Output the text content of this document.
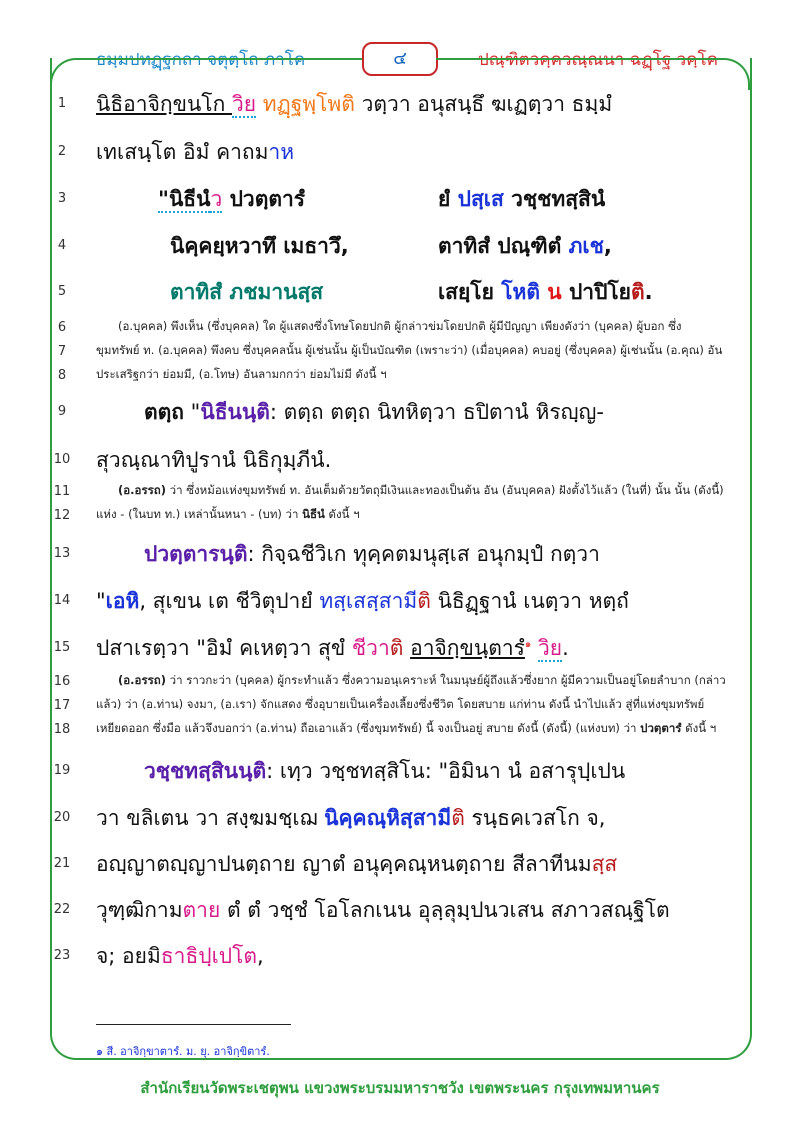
ธมฺมปทฏฺฐกถา จตุตฺโถ ภาโค	๔	ปณฺฑิตวคฺควณฺณนา ฉฏฺโฐ วคฺโค
1	นิธิอาจิกฺขนโก วิย ทฏฺฐพฺโพติ วตฺวา อนุสนฺธึ ฆเฏตฺวา ธมฺมํ
2	เทเสนฺโต อิมํ คาถมาห
3	"นิธีนํว ปวตฺตารํ	ยํ ปสฺเส วชฺชทสฺสินํ
4	นิคฺคยฺหวาทึ เมธาวึ,	ตาทิสํ ปณฺฑิตํ ภเช,
5	ตาทิสํ ภชมานสฺส	เสยฺโย โหติ น ปาปิโยติ.
6	(อ.บุคคล) พึงเห็น (ซึ่งบุคคล) ใด ผู้แสดงซึ่งโทษโดยปกติ ผู้กล่าวข่มโดยปกติ ผู้มีปัญญา เพียงดังว่า (บุคคล) ผู้บอก ซึ่ง
7	ขุมทรัพย์ ท. (อ.บุคคล) พึงคบ ซึ่งบุคคลนั้น ผู้เช่นนั้น ผู้เป็นบัณฑิต (เพราะว่า) (เมื่อบุคคล) คบอยู่ (ซึ่งบุคคล) ผู้เช่นนั้น (อ.คุณ) อัน
8	ประเสริฐกว่า ย่อมมี, (อ.โทษ) อันลามกกว่า ย่อมไม่มี ดังนี้ ฯ
9	ตตฺถ "นิธีนนฺติ: ตตฺถ ตตฺถ นิทหิตฺวา ธปิตานํ หิรญฺญ-
10 สุวณฺณาทิปูรานํ นิธิกุมฺภีนํ.
11	(อ.อรรถ) ว่า ซึ่งหม้อแห่งขุมทรัพย์ ท. อันเต็มด้วยวัตถุมีเงินและทองเป็นต้น อัน (อันบุคคล) ฝังตั้งไว้แล้ว (ในที่) นั้น นั้น (ดังนี้)
12	แห่ง - (ในบท ท.) เหล่านั้นหนา - (บท) ว่า นิธีนํ ดังนี้ ฯ
13	ปวตฺตารนฺติ: กิจฺฉชีวิเก ทุคฺคตมนุสฺเส อนุกมฺปํ กตฺวา
14 "เอหิ, สุเขน เต ชีวิตุปายํ ทสฺเสสฺสามีติ นิธิฏฺฐานํ เนตฺวา หตฺถํ
15 ปสาเรตฺวา "อิมํ คเหตฺวา สุขํ ชีวาติ อาจิกฺขนฺตารํ$^๑$ วิย.
16	(อ.อรรถ) ว่า ราวกะว่า (บุคคล) ผู้กระทำแล้ว ซึ่งความอนุเคราะห์ ในมนุษย์ผู้ถึงแล้วซึ่งยาก ผู้มีความเป็นอยู่โดยลำบาก (กล่าว
17	แล้ว) ว่า (อ.ท่าน) จงมา, (อ.เรา) จักแสดง ซึ่งอุบายเป็นเครื่องเลี้ยงซึ่งชีวิต โดยสบาย แก่ท่าน ดังนี้ นำไปแล้ว สู่ที่แห่งขุมทรัพย์
18	เหยียดออก ซึ่งมือ แล้วจึงบอกว่า (อ.ท่าน) ถือเอาแล้ว (ซึ่งขุมทรัพย์) นี้ จงเป็นอยู่ สบาย ดังนี้ (ดังนี้) (แห่งบท) ว่า ปวตฺตารํ ดังนี้ ฯ
19	วชฺชทสฺสินนฺติ: เทฺว วชฺชทสฺสิโน: "อิมินา นํ อสารุปฺเปน
20 วา ขลิเตน วา สงฺฆมชฺเฌ นิคฺคณฺหิสฺสามีติ รนฺธคเวสโก จ,
21 อญฺญาตญฺญาปนตฺถาย ญาตํ อนุคฺคณฺหนตฺถาย สีลาทีนมสฺส
22 วุฑฺฒิกามตาย ตํ ตํ วชฺชํ โอโลกเนน อุลฺลุมฺปนวเสน สภาวสณฺฐิโต
23 จ; อยมิธาธิปฺเปโต,
๑ สี. อาจิกฺขาตารํ. ม. ยุ. อาจิกฺขิตารํ.
สำนักเรียนวัดพระเชตุพน แขวงพระบรมมหาราชวัง เขตพระนคร กรุงเทพมหานคร
